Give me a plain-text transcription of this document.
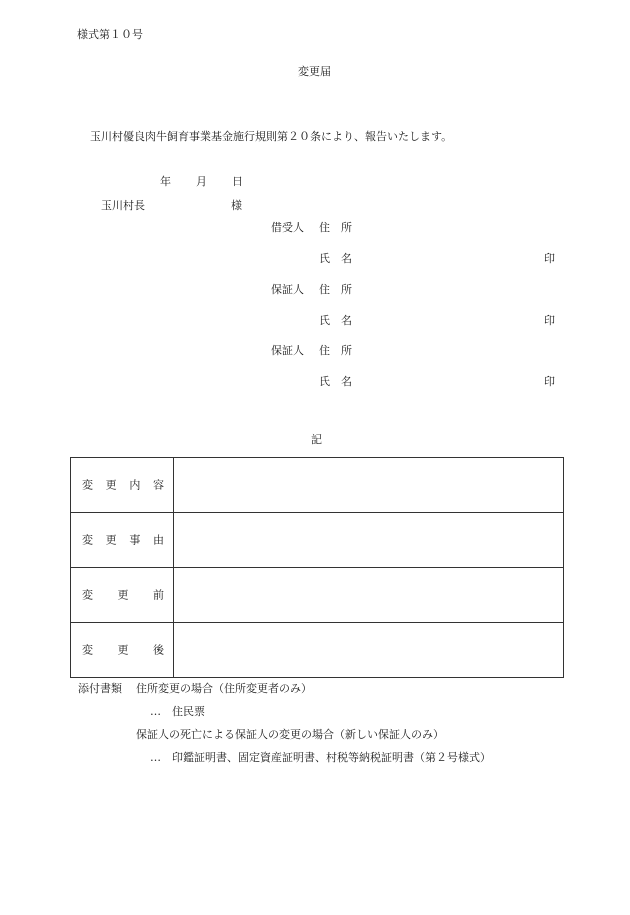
様式第１０号
変更届
玉川村優良肉牛飼育事業基金施行規則第２０条により、報告いたします。
年 月 日
玉川村長	様
借受人 住　所
氏　名	印
保証人 住　所
氏　名	印
保証人 住　所
氏　名	印
記
変 更 内 容	

変 更 事 由	

変 更 前	

変 更 後	

添付書類 住所変更の場合（住所変更者のみ）
…　住民票
保証人の死亡による保証人の変更の場合（新しい保証人のみ）
…　印鑑証明書、固定資産証明書、村税等納税証明書（第２号様式）
